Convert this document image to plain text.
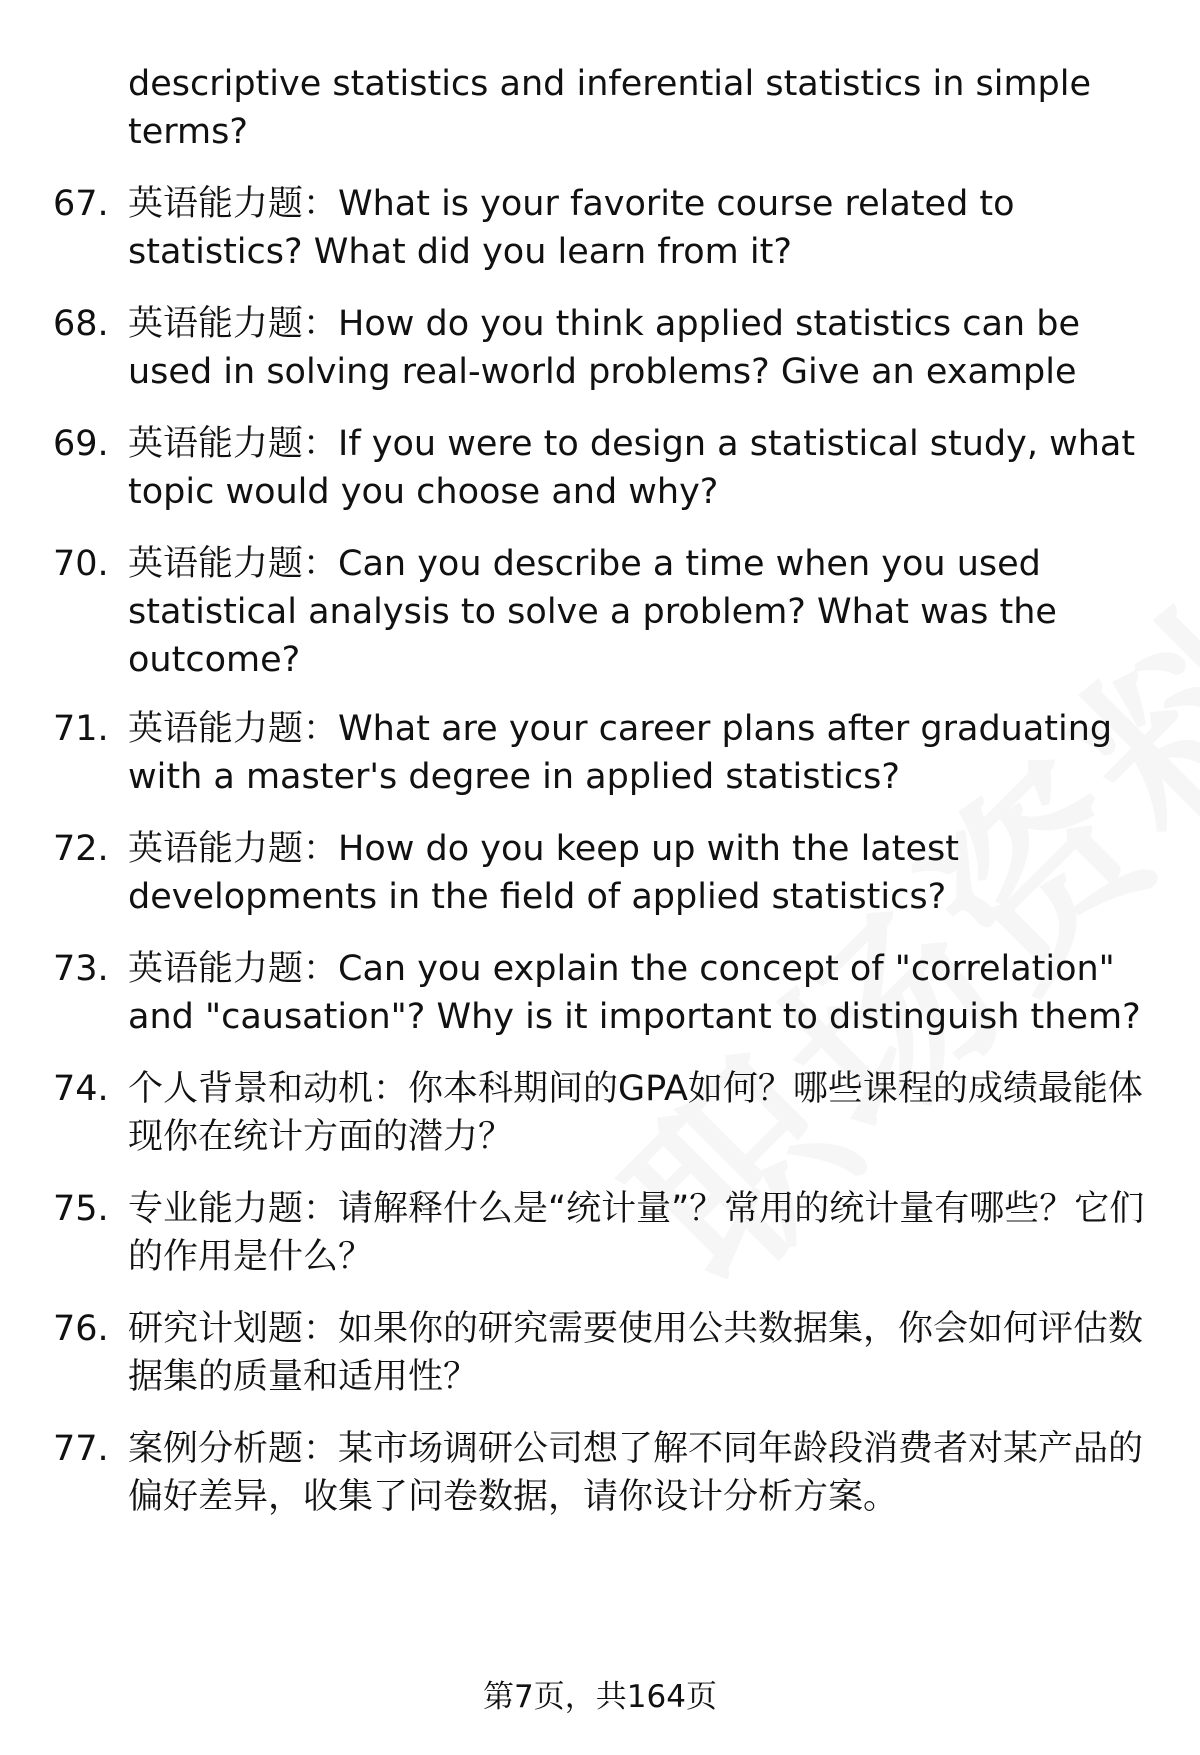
descriptive statistics and inferential statistics in simple terms?
67. 英语能力题：What is your favorite course related to statistics? What did you learn from it?
68. 英语能力题：How do you think applied statistics can be used in solving real-world problems? Give an example
69. 英语能力题：If you were to design a statistical study, what topic would you choose and why?
70. 英语能力题：Can you describe a time when you used statistical analysis to solve a problem? What was the outcome?
71. 英语能力题：What are your career plans after graduating with a master's degree in applied statistics?
72. 英语能力题：How do you keep up with the latest developments in the field of applied statistics?
73. 英语能力题：Can you explain the concept of "correlation" and "causation"? Why is it important to distinguish them?
74. 个人背景和动机：你本科期间的GPA如何？哪些课程的成绩最能体现你在统计方面的潜力？
75. 专业能力题：请解释什么是“统计量”？常用的统计量有哪些？它们的作用是什么？
76. 研究计划题：如果你的研究需要使用公共数据集，你会如何评估数据集的质量和适用性？
77. 案例分析题：某市场调研公司想了解不同年龄段消费者对某产品的偏好差异，收集了问卷数据，请你设计分析方案。
第7页，共164页
